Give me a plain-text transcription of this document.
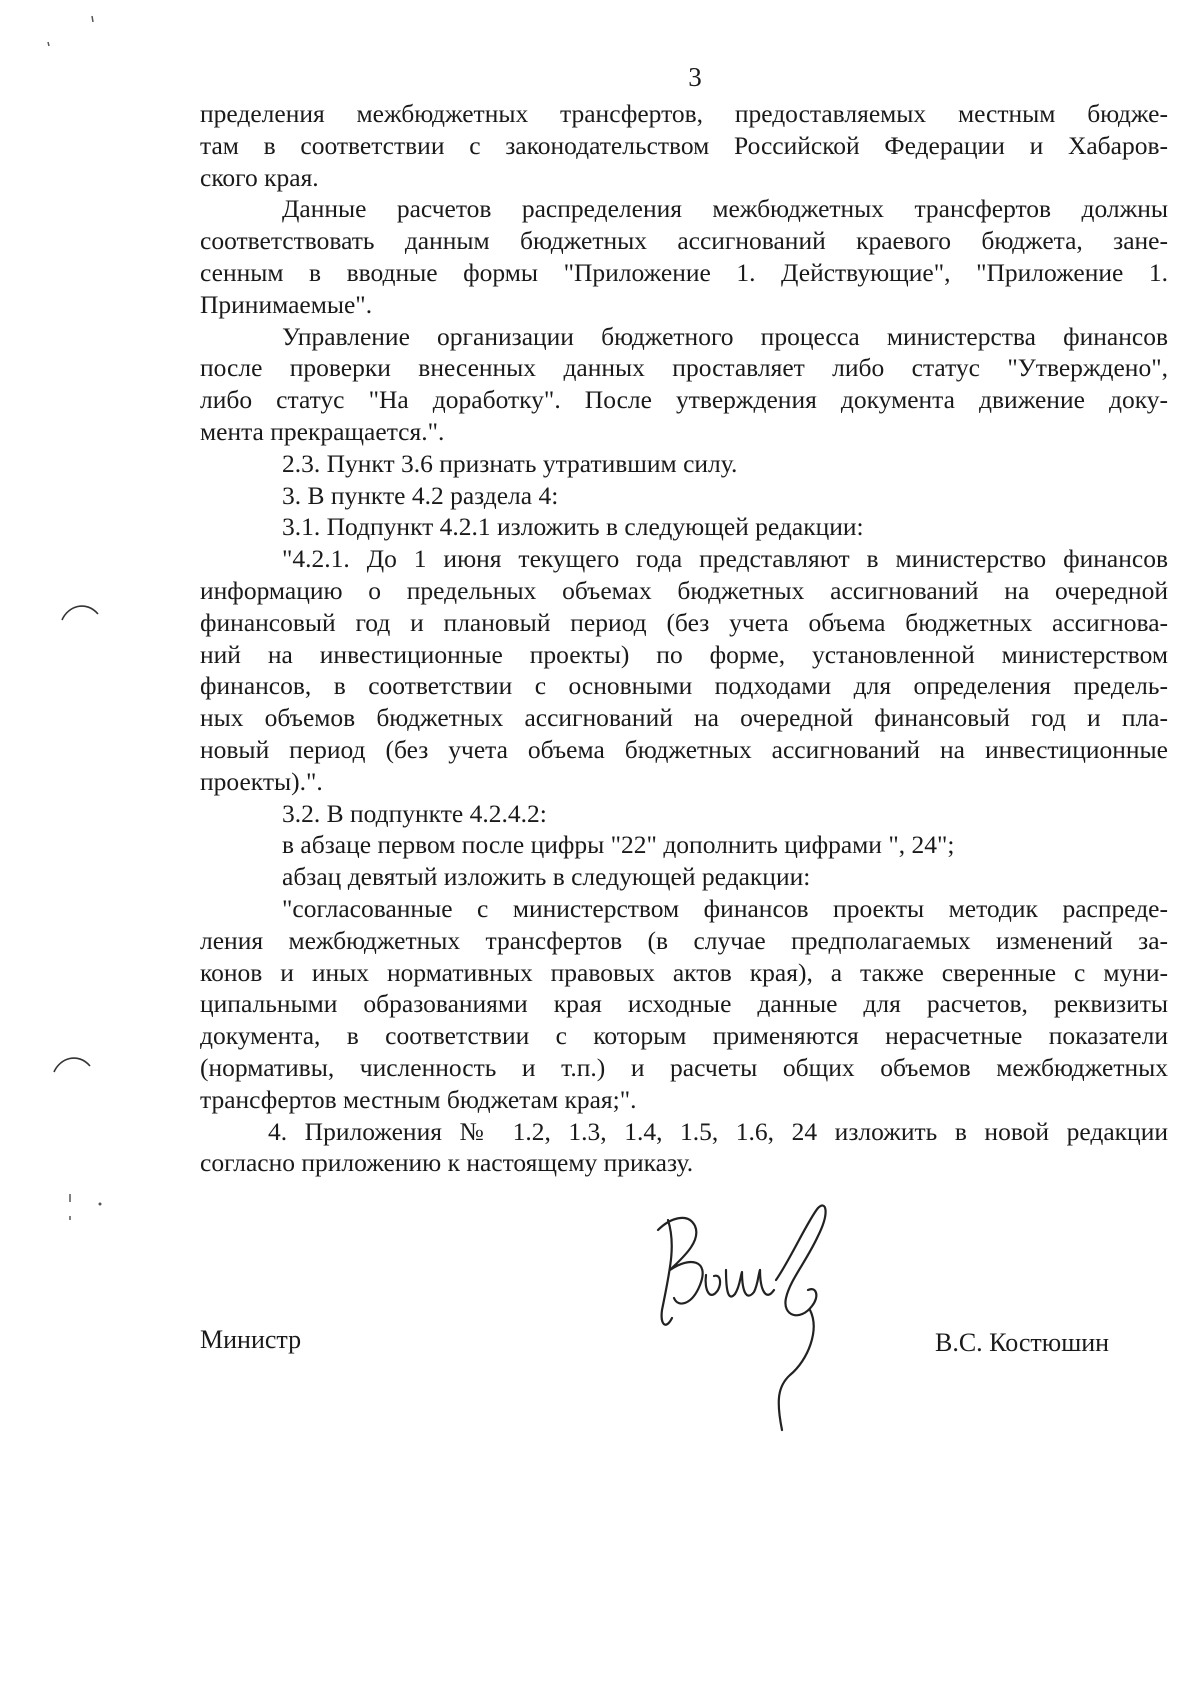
3
пределения межбюджетных трансфертов, предоставляемых местным бюдже-
там в соответствии с законодательством Российской Федерации и Хабаров-
ского края.
Данные расчетов распределения межбюджетных трансфертов должны
соответствовать данным бюджетных ассигнований краевого бюджета, зане-
сенным в вводные формы "Приложение 1. Действующие", "Приложение 1.
Принимаемые".
Управление организации бюджетного процесса министерства финансов
после проверки внесенных данных проставляет либо статус "Утверждено",
либо статус "На доработку". После утверждения документа движение доку-
мента прекращается.".
2.3. Пункт 3.6 признать утратившим силу.
3. В пункте 4.2 раздела 4:
3.1. Подпункт 4.2.1 изложить в следующей редакции:
"4.2.1. До 1 июня текущего года представляют в министерство финансов
информацию о предельных объемах бюджетных ассигнований на очередной
финансовый год и плановый период (без учета объема бюджетных ассигнова-
ний на инвестиционные проекты) по форме, установленной министерством
финансов, в соответствии с основными подходами для определения предель-
ных объемов бюджетных ассигнований на очередной финансовый год и пла-
новый период (без учета объема бюджетных ассигнований на инвестиционные
проекты).".
3.2. В подпункте 4.2.4.2:
в абзаце первом после цифры "22" дополнить цифрами ", 24";
абзац девятый изложить в следующей редакции:
"согласованные с министерством финансов проекты методик распреде-
ления межбюджетных трансфертов (в случае предполагаемых изменений за-
конов и иных нормативных правовых актов края), а также сверенные с муни-
ципальными образованиями края исходные данные для расчетов, реквизиты
документа, в соответствии с которым применяются нерасчетные показатели
(нормативы, численность и т.п.) и расчеты общих объемов межбюджетных
трансфертов местным бюджетам края;".
4. Приложения № 1.2, 1.3, 1.4, 1.5, 1.6, 24 изложить в новой редакции
согласно приложению к настоящему приказу.
Министр	В.С. Костюшин
